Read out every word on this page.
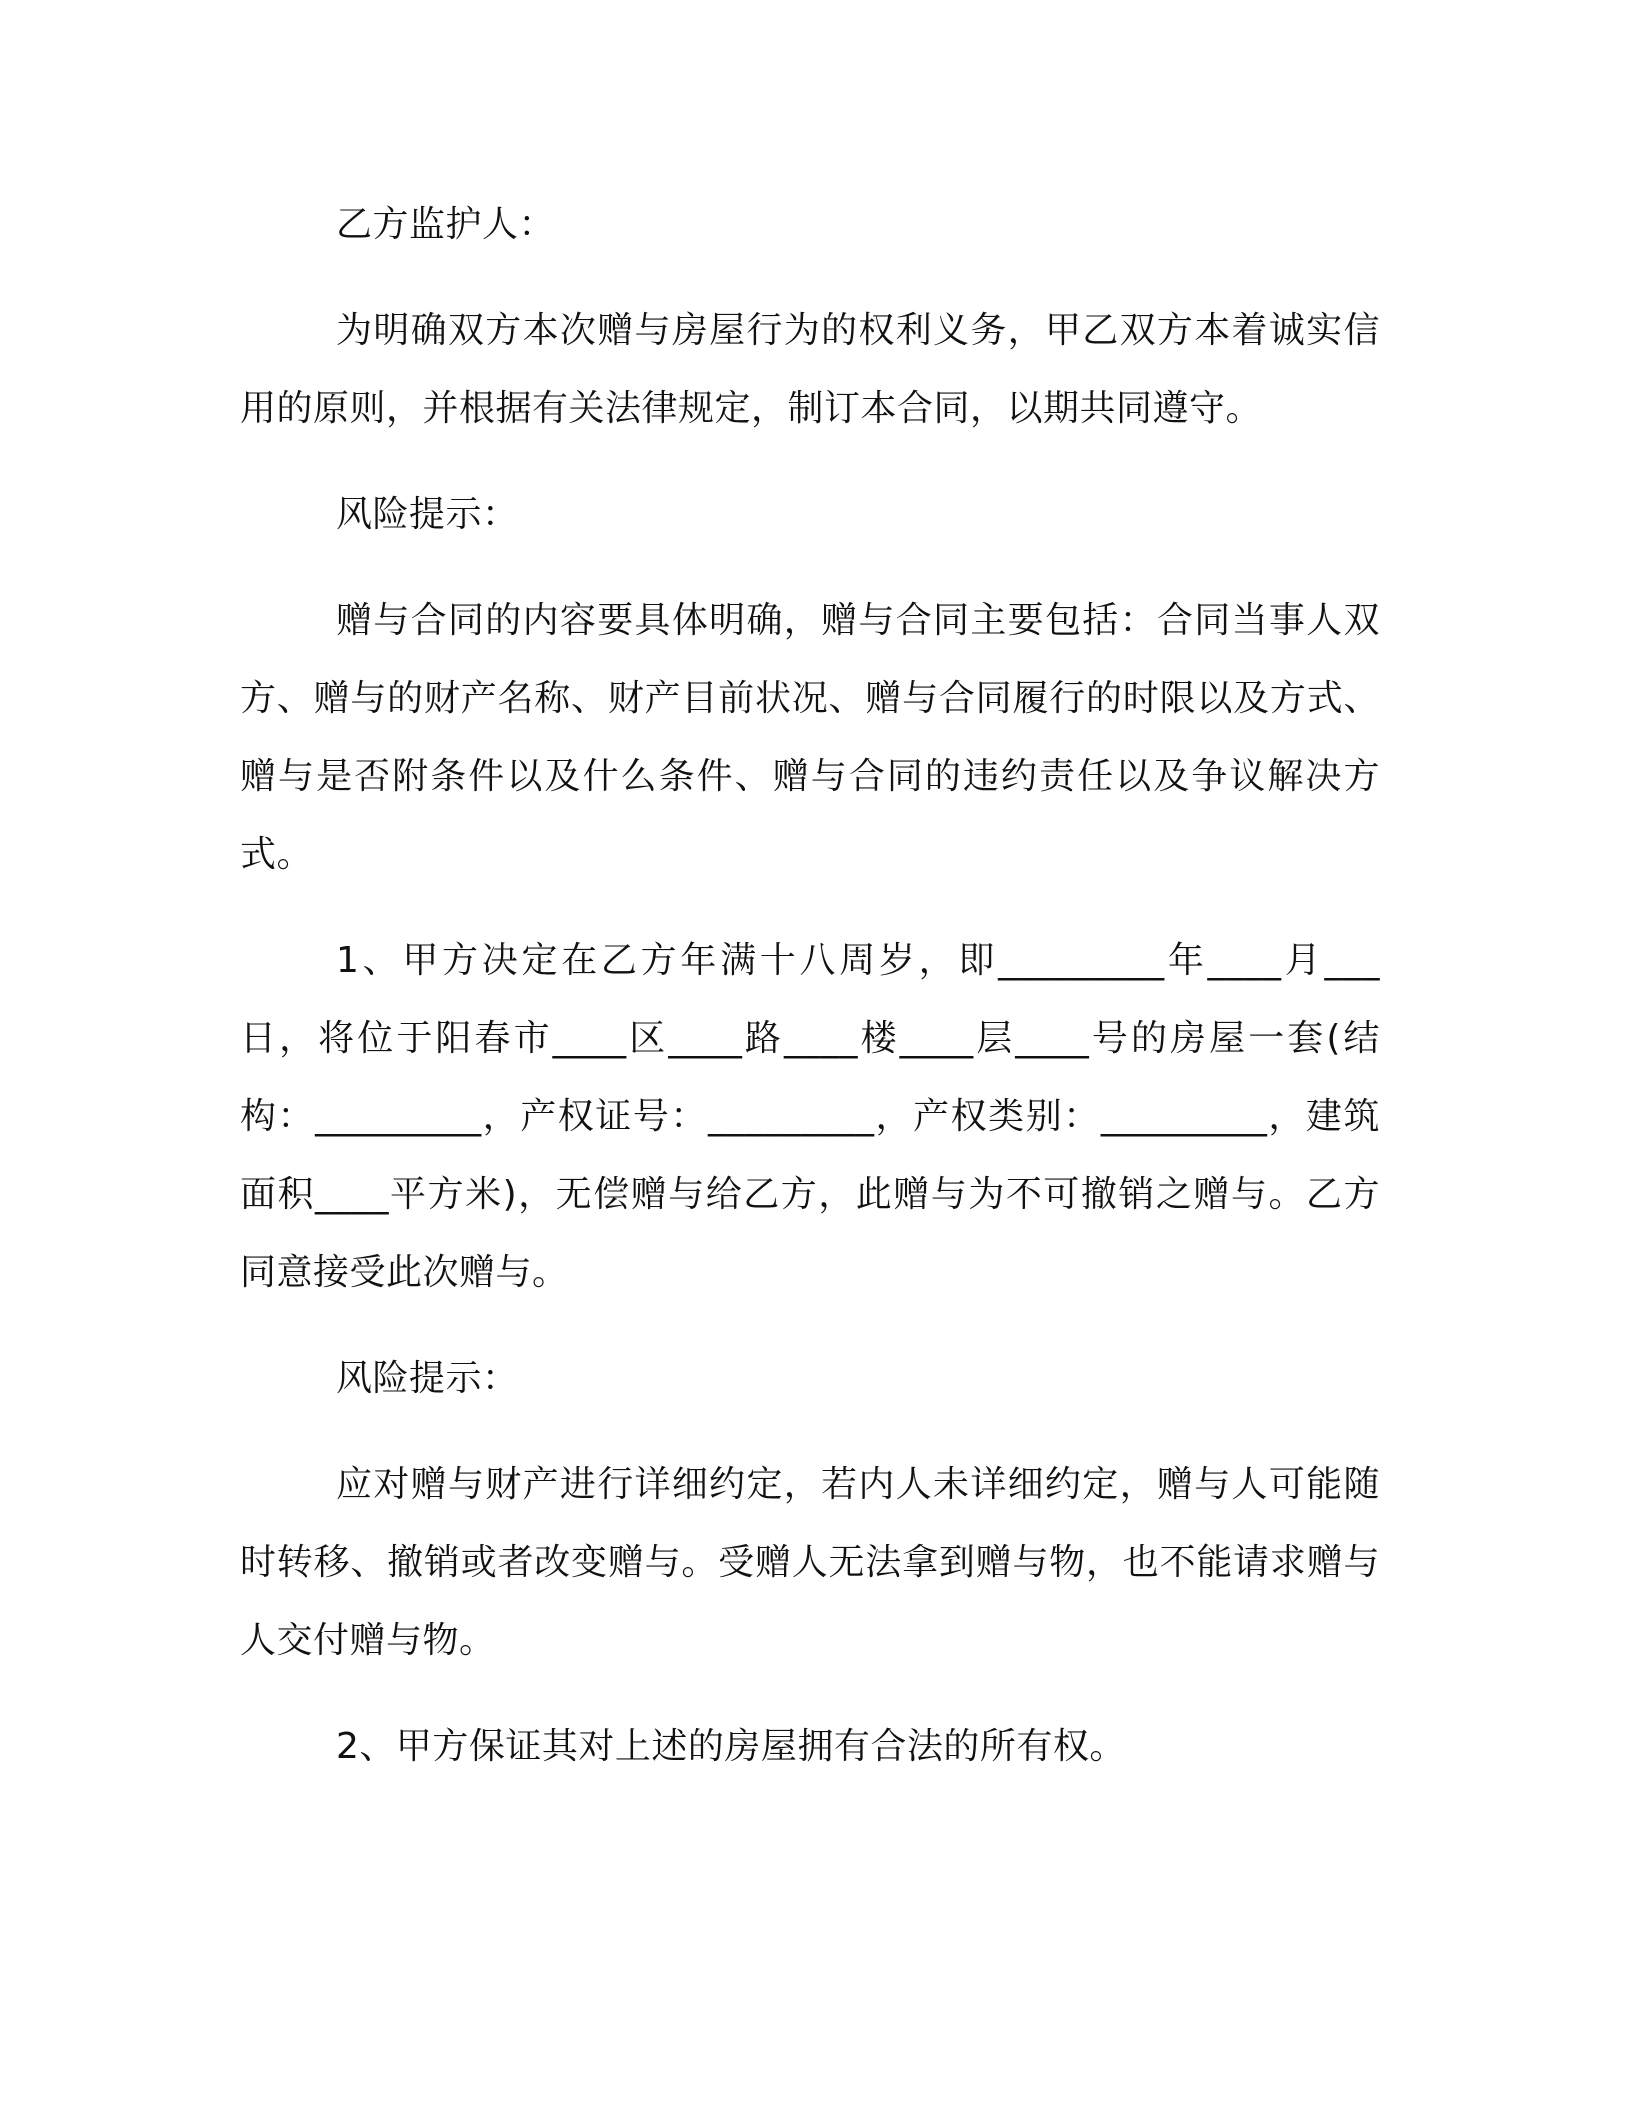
乙方监护人：

为明确双方本次赠与房屋行为的权利义务，甲乙双方本着诚实信用的原则，并根据有关法律规定，制订本合同，以期共同遵守。

风险提示：

赠与合同的内容要具体明确，赠与合同主要包括：合同当事人双方、赠与的财产名称、财产目前状况、赠与合同履行的时限以及方式、赠与是否附条件以及什么条件、赠与合同的违约责任以及争议解决方式。

1、甲方决定在乙方年满十八周岁，即_________年____月___日，将位于阳春市____区____路____楼____层____号的房屋一套(结构：_________，产权证号：_________，产权类别：_________，建筑面积____平方米)，无偿赠与给乙方，此赠与为不可撤销之赠与。乙方同意接受此次赠与。

风险提示：

应对赠与财产进行详细约定，若内人未详细约定，赠与人可能随时转移、撤销或者改变赠与。受赠人无法拿到赠与物，也不能请求赠与人交付赠与物。

2、甲方保证其对上述的房屋拥有合法的所有权。
